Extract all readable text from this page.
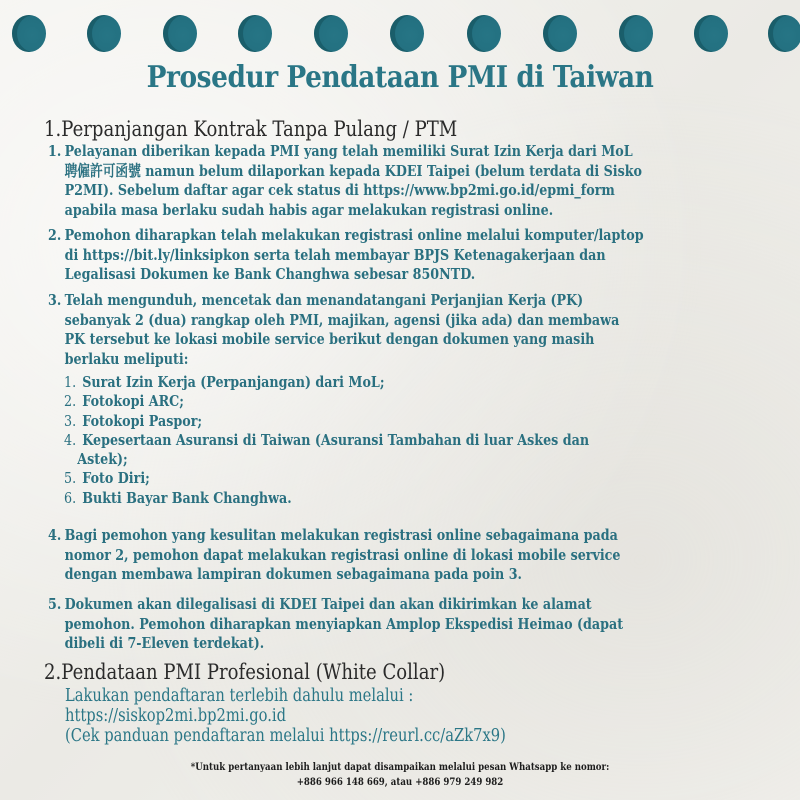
Prosedur Pendataan PMI di Taiwan
1.Perpanjangan Kontrak Tanpa Pulang / PTM
1. Pelayanan diberikan kepada PMI yang telah memiliki Surat Izin Kerja dari MoL
聘僱許可函號 namun belum dilaporkan kepada KDEI Taipei (belum terdata di Sisko
P2MI). Sebelum daftar agar cek status di https://www.bp2mi.go.id/epmi_form
apabila masa berlaku sudah habis agar melakukan registrasi online.
2. Pemohon diharapkan telah melakukan registrasi online melalui komputer/laptop
di https://bit.ly/linksipkon serta telah membayar BPJS Ketenagakerjaan dan
Legalisasi Dokumen ke Bank Changhwa sebesar 850NTD.
3. Telah mengunduh, mencetak dan menandatangani Perjanjian Kerja (PK)
sebanyak 2 (dua) rangkap oleh PMI, majikan, agensi (jika ada) dan membawa
PK tersebut ke lokasi mobile service berikut dengan dokumen yang masih
berlaku meliputi:
1. Surat Izin Kerja (Perpanjangan) dari MoL;
2. Fotokopi ARC;
3. Fotokopi Paspor;
4. Kepesertaan Asuransi di Taiwan (Asuransi Tambahan di luar Askes dan
Astek);
5. Foto Diri;
6. Bukti Bayar Bank Changhwa.
4. Bagi pemohon yang kesulitan melakukan registrasi online sebagaimana pada
nomor 2, pemohon dapat melakukan registrasi online di lokasi mobile service
dengan membawa lampiran dokumen sebagaimana pada poin 3.
5. Dokumen akan dilegalisasi di KDEI Taipei dan akan dikirimkan ke alamat
pemohon. Pemohon diharapkan menyiapkan Amplop Ekspedisi Heimao (dapat
dibeli di 7-Eleven terdekat).
2.Pendataan PMI Profesional (White Collar)
Lakukan pendaftaran terlebih dahulu melalui :
https://siskop2mi.bp2mi.go.id
(Cek panduan pendaftaran melalui https://reurl.cc/aZk7x9)
*Untuk pertanyaan lebih lanjut dapat disampaikan melalui pesan Whatsapp ke nomor:
+886 966 148 669, atau +886 979 249 982
